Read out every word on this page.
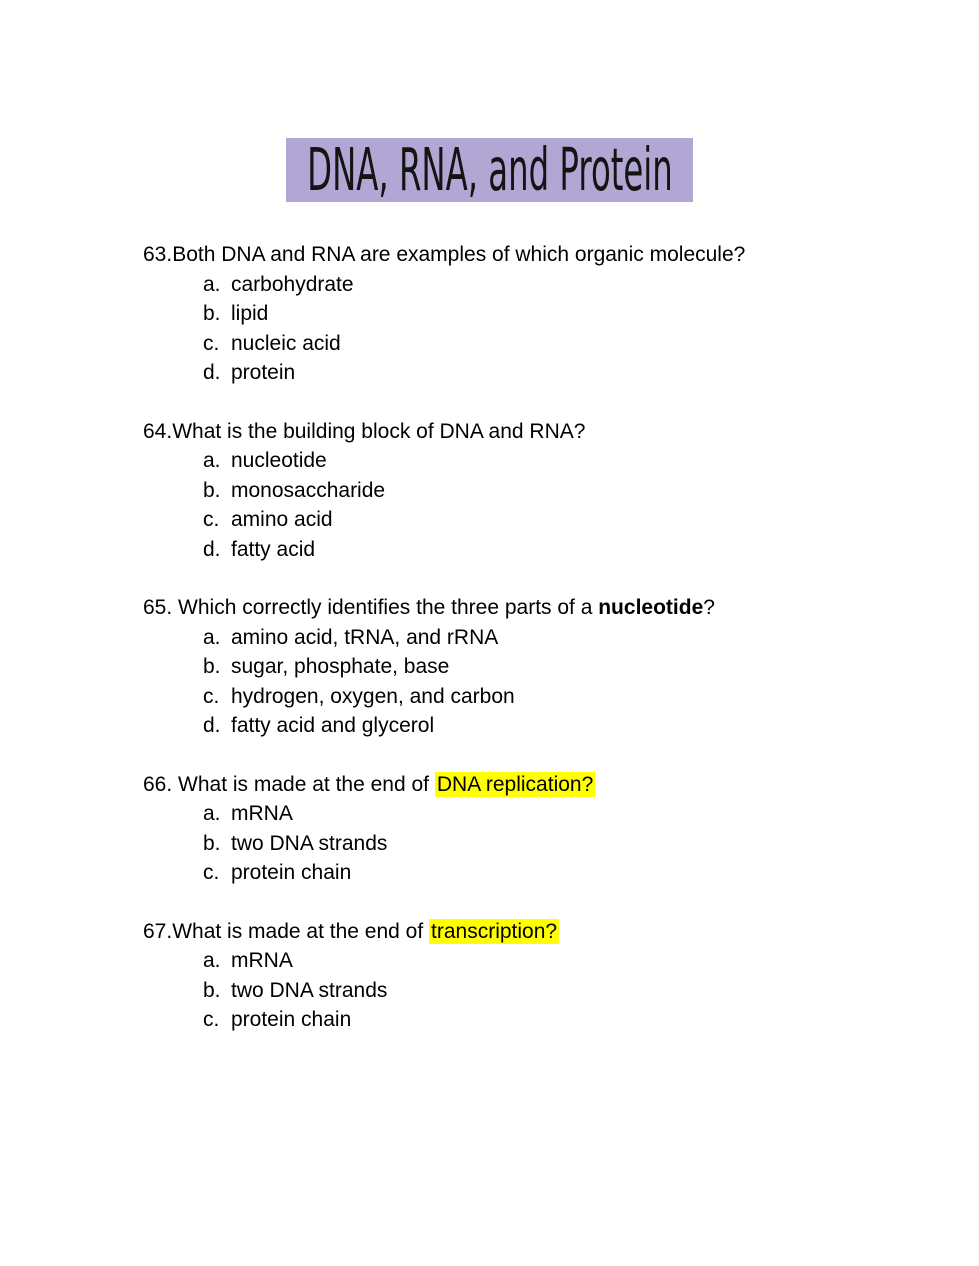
DNA, RNA, and Protein

63.Both DNA and RNA are examples of which organic molecule?

a. carbohydrate
b. lipid
c. nucleic acid
d. protein

64.What is the building block of DNA and RNA?

a. nucleotide
b. monosaccharide
c. amino acid
d. fatty acid

65. Which correctly identifies the three parts of a nucleotide?

a. amino acid, tRNA, and rRNA
b. sugar, phosphate, base
c. hydrogen, oxygen, and carbon
d. fatty acid and glycerol

66. What is made at the end of DNA replication?

a. mRNA
b. two DNA strands
c. protein chain

67.What is made at the end of transcription?

a. mRNA
b. two DNA strands
c. protein chain
